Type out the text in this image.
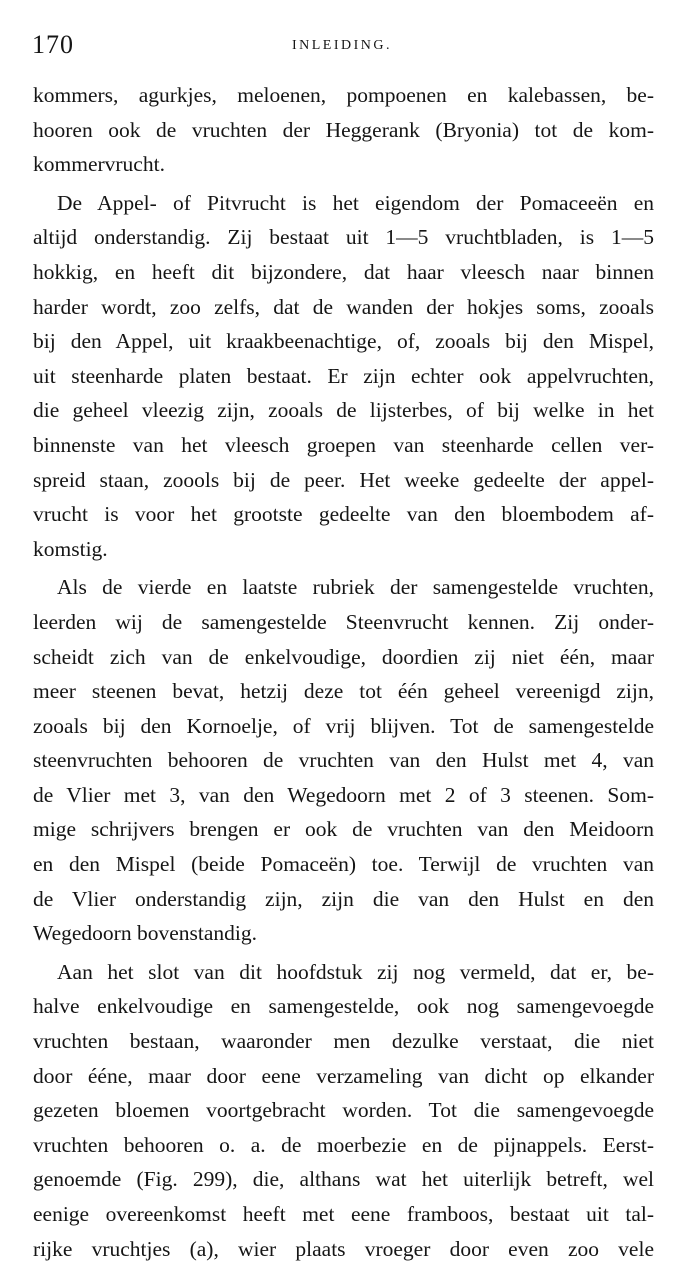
170	INLEIDING.
kommers, agurkjes, meloenen, pompoenen en kalebassen, be-
hooren ook de vruchten der Heggerank (Bryonia) tot de kom-
kommervrucht.
De Appel- of Pitvrucht is het eigendom der Pomaceeën en
altijd onderstandig. Zij bestaat uit 1—5 vruchtbladen, is 1—5
hokkig, en heeft dit bijzondere, dat haar vleesch naar binnen
harder wordt, zoo zelfs, dat de wanden der hokjes soms, zooals
bij den Appel, uit kraakbeenachtige, of, zooals bij den Mispel,
uit steenharde platen bestaat. Er zijn echter ook appelvruchten,
die geheel vleezig zijn, zooals de lijsterbes, of bij welke in het
binnenste van het vleesch groepen van steenharde cellen ver-
spreid staan, zoools bij de peer. Het weeke gedeelte der appel-
vrucht is voor het grootste gedeelte van den bloembodem af-
komstig.
Als de vierde en laatste rubriek der samengestelde vruchten,
leerden wij de samengestelde Steenvrucht kennen. Zij onder-
scheidt zich van de enkelvoudige, doordien zij niet één, maar
meer steenen bevat, hetzij deze tot één geheel vereenigd zijn,
zooals bij den Kornoelje, of vrij blijven. Tot de samengestelde
steenvruchten behooren de vruchten van den Hulst met 4, van
de Vlier met 3, van den Wegedoorn met 2 of 3 steenen. Som-
mige schrijvers brengen er ook de vruchten van den Meidoorn
en den Mispel (beide Pomaceën) toe. Terwijl de vruchten van
de Vlier onderstandig zijn, zijn die van den Hulst en den
Wegedoorn bovenstandig.
Aan het slot van dit hoofdstuk zij nog vermeld, dat er, be-
halve enkelvoudige en samengestelde, ook nog samengevoegde
vruchten bestaan, waaronder men dezulke verstaat, die niet
door ééne, maar door eene verzameling van dicht op elkander
gezeten bloemen voortgebracht worden. Tot die samengevoegde
vruchten behooren o. a. de moerbezie en de pijnappels. Eerst-
genoemde (Fig. 299), die, althans wat het uiterlijk betreft, wel
eenige overeenkomst heeft met eene framboos, bestaat uit tal-
rijke vruchtjes (a), wier plaats vroeger door even zoo vele
